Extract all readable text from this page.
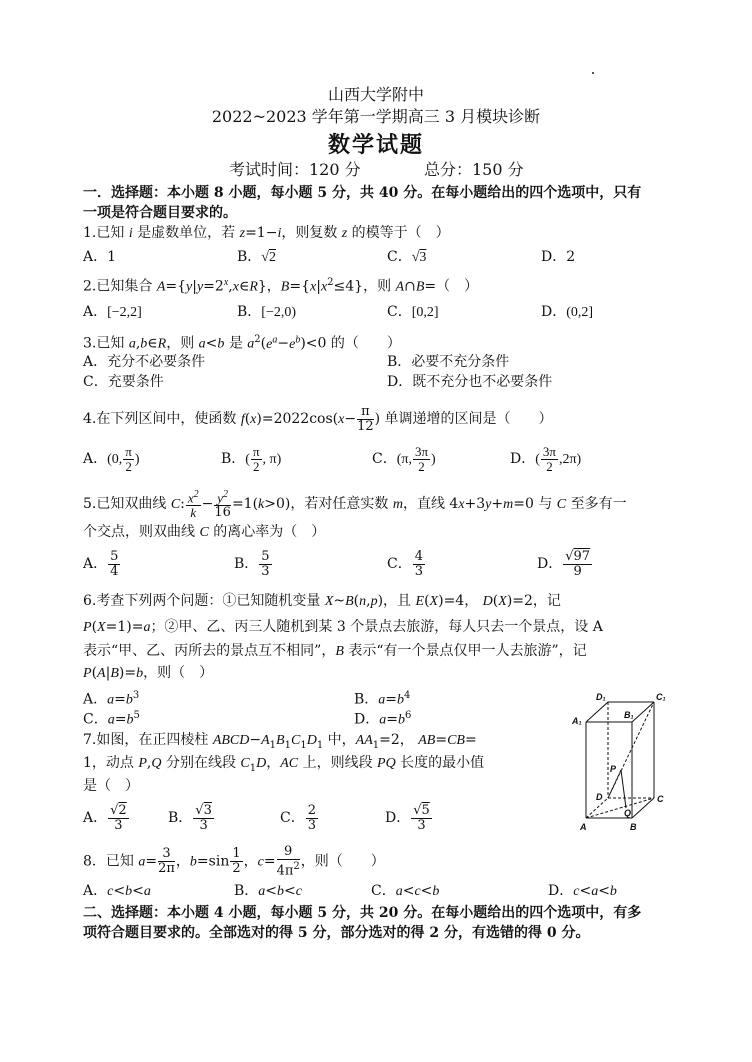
山西大学附中
2022~2023 学年第一学期高三 3 月模块诊断
数学试题
考试时间：120 分	总分：150 分
一．选择题：本小题 8 小题，每小题 5 分，共 40 分。在每小题给出的四个选项中，只有
一项是符合题目要求的。
1.已知 i 是虚数单位，若 z=1−i，则复数 z 的模等于（　）
A．1	B．√2	C．√3	D．2
2.已知集合 $A=\{y|y=2^x,x\in R\}$，$B=\{x|x^2\le 4\}$，则 A∩B=（　）
A．[−2,2]	B．[−2,0)	C．[0,2]	D．(0,2]
3.已知 a,b∈R，则 a<b 是 $a^2(e^a-e^b)<0$ 的（　　）
A．充分不必要条件	B．必要不充分条件
C．充要条件	D．既不充分也不必要条件
4.在下列区间中，使函数 $f(x)=2022\cos(x- \frac{\pi}{12}$ ) 单调递增的区间是（　　）
A．(0, $\frac{\pi}{2}$ )	B．( $\frac{\pi}{2}$ , π)	C．(π, $\frac{3\pi}{2}$ )	D．( $\frac{3\pi}{2} ,2\pi$)
5.已知双曲线 C: $\frac{x^2}{k} - \frac{y^2}{16} =1(k>0)$，若对任意实数 m，直线 4x+3y+m=0 与 C 至多有一
个交点，则双曲线 C 的离心率为（　）
A． $\frac{5}{4}$	B． $\frac{5}{3}$	C． $\frac{4}{3}$	D． $\frac{√97}{9}$
6.考查下列两个问题：①已知随机变量 X~B(n,p)，且 E(X)=4， D(X)=2，记
P(X=1)=a；②甲、乙、丙三人随机到某 3 个景点去旅游，每人只去一个景点，设 A
表示“甲、乙、丙所去的景点互不相同”，B 表示“有一个景点仅甲一人去旅游”，记
P(A|B)=b，则（　）
A．$a=b^3$	B．$a=b^4$
C．$a=b^5$	D．$a=b^6$
7.如图，在正四棱柱 $ABCD-A_1B_1C_1D_1$ 中，$AA_1=2$， AB=CB=
1，动点 P,Q 分别在线段 $C_1D$，AC 上，则线段 PQ 长度的最小值
是（　）
A． $\frac{√2}{3}$	B． $\frac{√3}{3}$	C． $\frac{2}{3}$	D． $\frac{√5}{3}$
8．已知 $a= \frac{3}{2\pi}$ ，$b=\sin \frac{1}{2}$ ，$c= \frac{9}{4\pi^2}$ ，则（　　）
A．c<b<a	B．a<b<c	C．a<c<b	D．c<a<b
二、选择题：本小题 4 小题，每小题 5 分，共 20 分。在每小题给出的四个选项中，有多
项符合题目要求的。全部选对的得 5 分，部分选对的得 2 分，有选错的得 0 分。
D₁	C₁
A₁
B₁
P
D	C
A
Q
B
